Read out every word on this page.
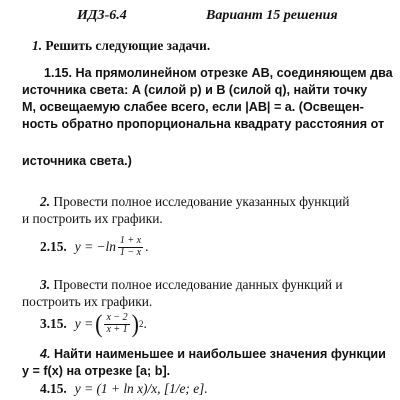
ИДЗ-6.4	Вариант 15 решения
1. Решить следующие задачи.
1.15. На прямолинейном отрезке AB, соединяющем два
источника света: A (силой p) и B (силой q), найти точку
M, освещаемую слабее всего, если |AB| = a. (Освещен-
ность обратно пропорциональна квадрату расстояния от
источника света.)
2. Провести полное исследование указанных функций
и построить их графики.
2.15. $y = -\ln \frac{1 + x}{1 - x}$ .
3. Провести полное исследование данных функций и
построить их графики.
3.15. y = ( $\frac{x - 2}{x + 1}$ ) 2 .
4. Найти наименьшее и наибольшее значения функции
y = f(x) на отрезке [a; b].
4.15. y = (1 + ln x)/x, [1/e; e].
